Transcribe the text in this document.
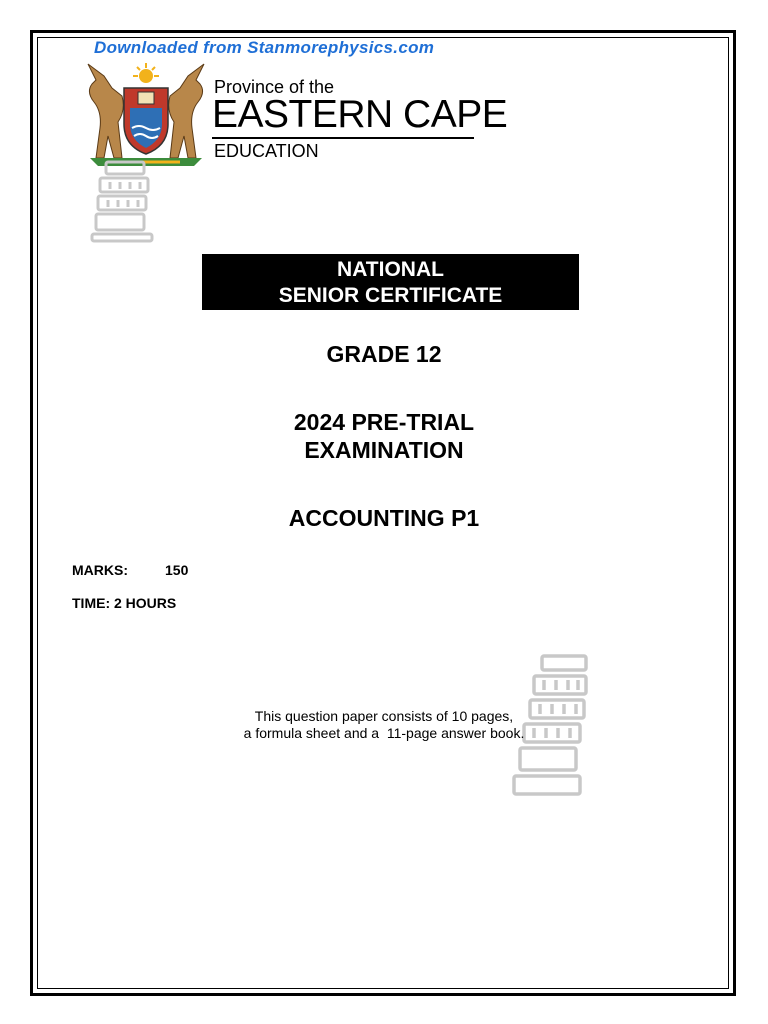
Downloaded from Stanmorephysics.com
Province of the
EASTERN CAPE
EDUCATION
NATIONAL
SENIOR CERTIFICATE
GRADE 12
2024 PRE-TRIAL
EXAMINATION
ACCOUNTING P1
MARKS:	150
TIME: 2 HOURS
This question paper consists of 10 pages,
a formula sheet and a  11-page answer book.
